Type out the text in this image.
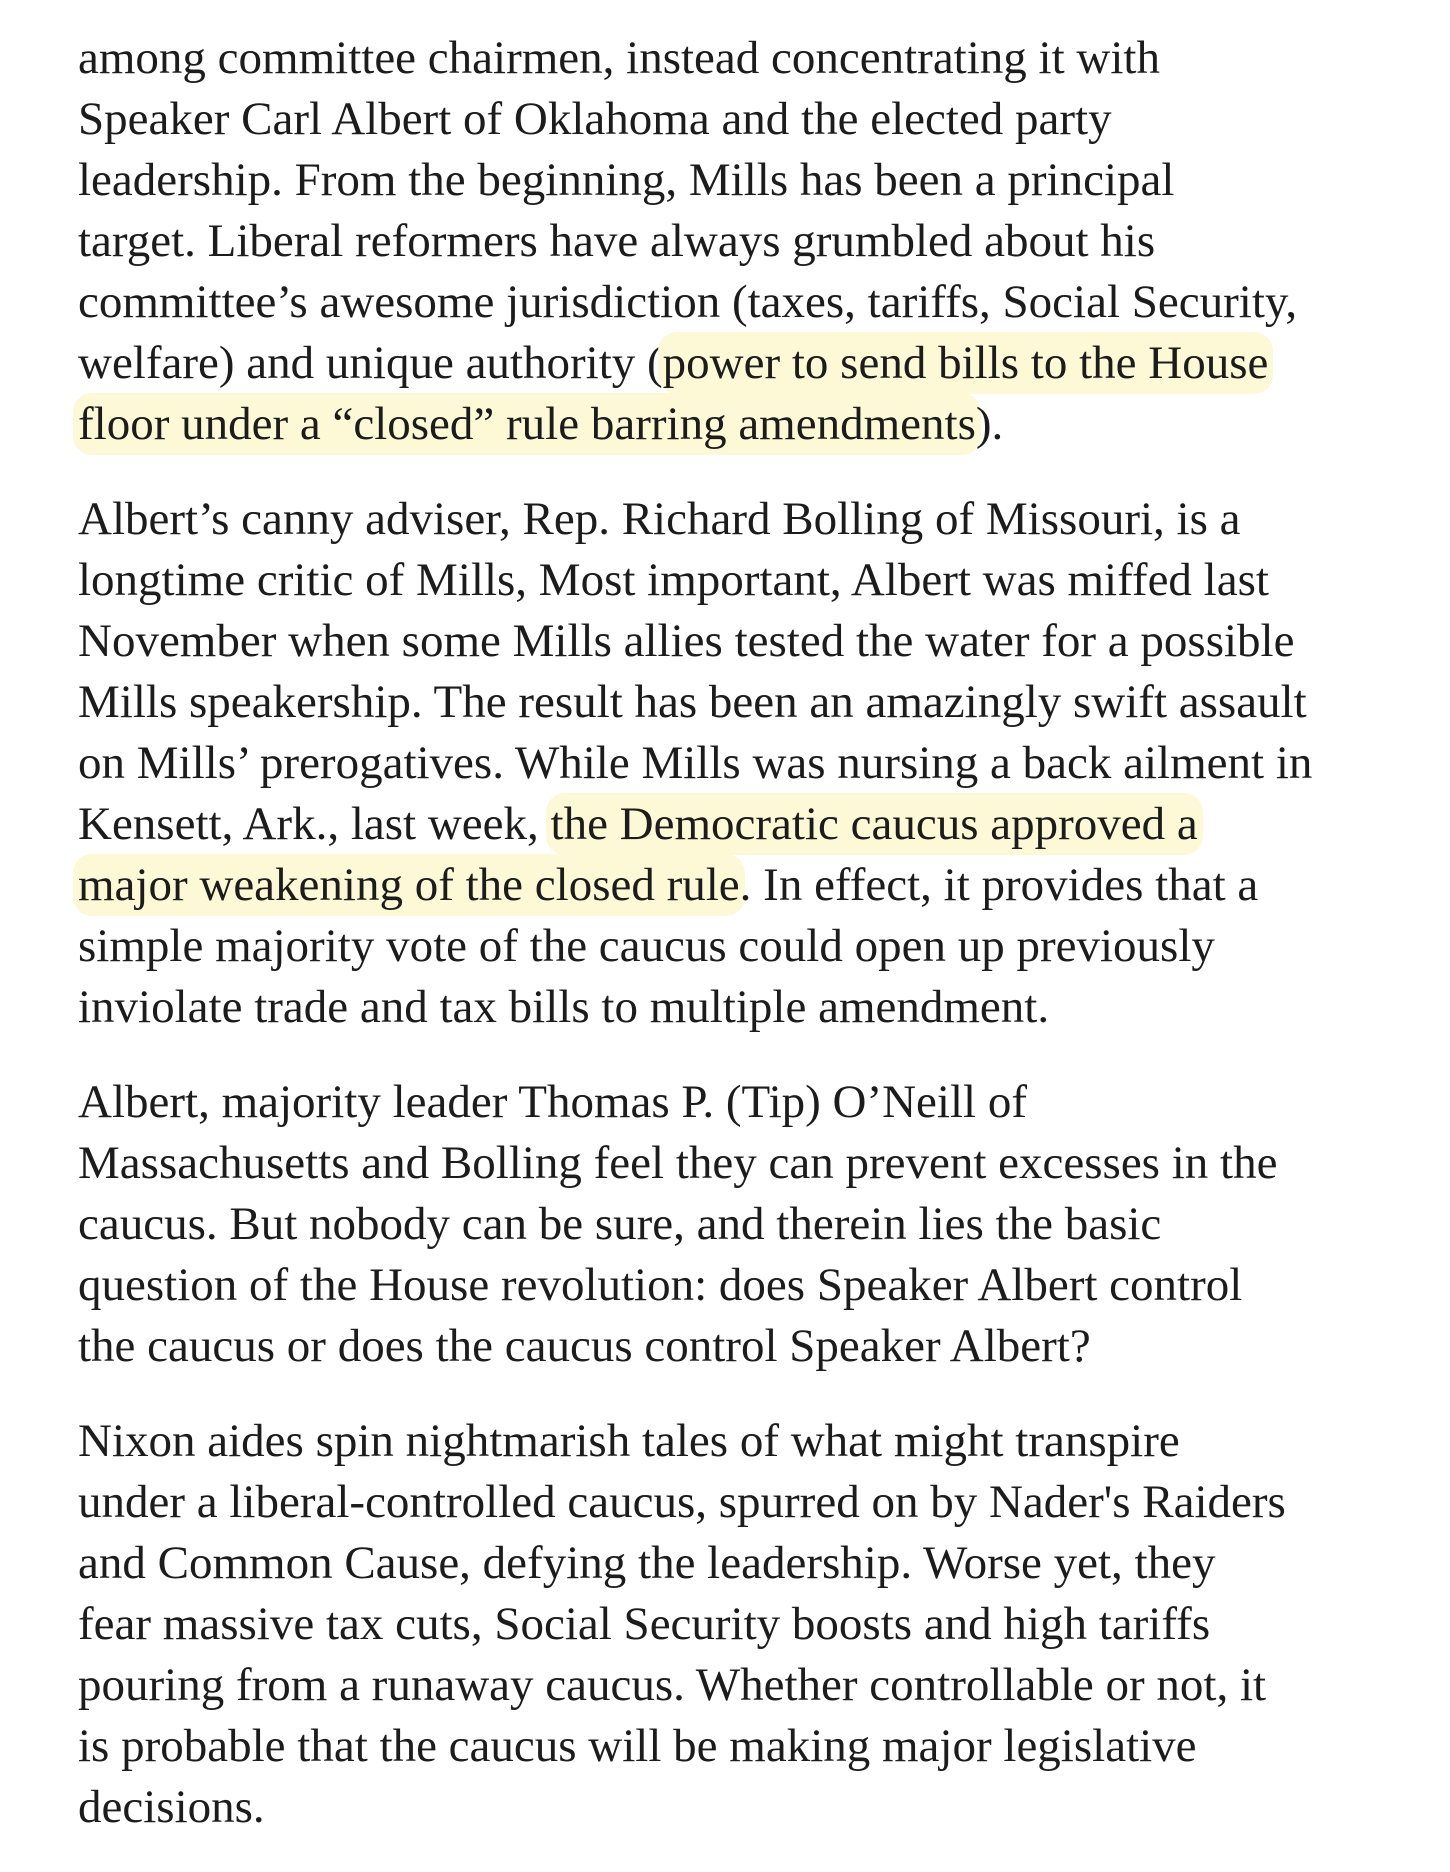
among committee chairmen, instead concentrating it with
Speaker Carl Albert of Oklahoma and the elected party
leadership. From the beginning, Mills has been a principal
target. Liberal reformers have always grumbled about his
committee’s awesome jurisdiction (taxes, tariffs, Social Security,
welfare) and unique authority (power to send bills to the House
floor under a “closed” rule barring amendments).

Albert’s canny adviser, Rep. Richard Bolling of Missouri, is a
longtime critic of Mills, Most important, Albert was miffed last
November when some Mills allies tested the water for a possible
Mills speakership. The result has been an amazingly swift assault
on Mills’ prerogatives. While Mills was nursing a back ailment in
Kensett, Ark., last week, the Democratic caucus approved a
major weakening of the closed rule. In effect, it provides that a
simple majority vote of the caucus could open up previously
inviolate trade and tax bills to multiple amendment.

Albert, majority leader Thomas P. (Tip) O’Neill of
Massachusetts and Bolling feel they can prevent excesses in the
caucus. But nobody can be sure, and therein lies the basic
question of the House revolution: does Speaker Albert control
the caucus or does the caucus control Speaker Albert?

Nixon aides spin nightmarish tales of what might transpire
under a liberal-controlled caucus, spurred on by Nader's Raiders
and Common Cause, defying the leadership. Worse yet, they
fear massive tax cuts, Social Security boosts and high tariffs
pouring from a runaway caucus. Whether controllable or not, it
is probable that the caucus will be making major legislative
decisions.
